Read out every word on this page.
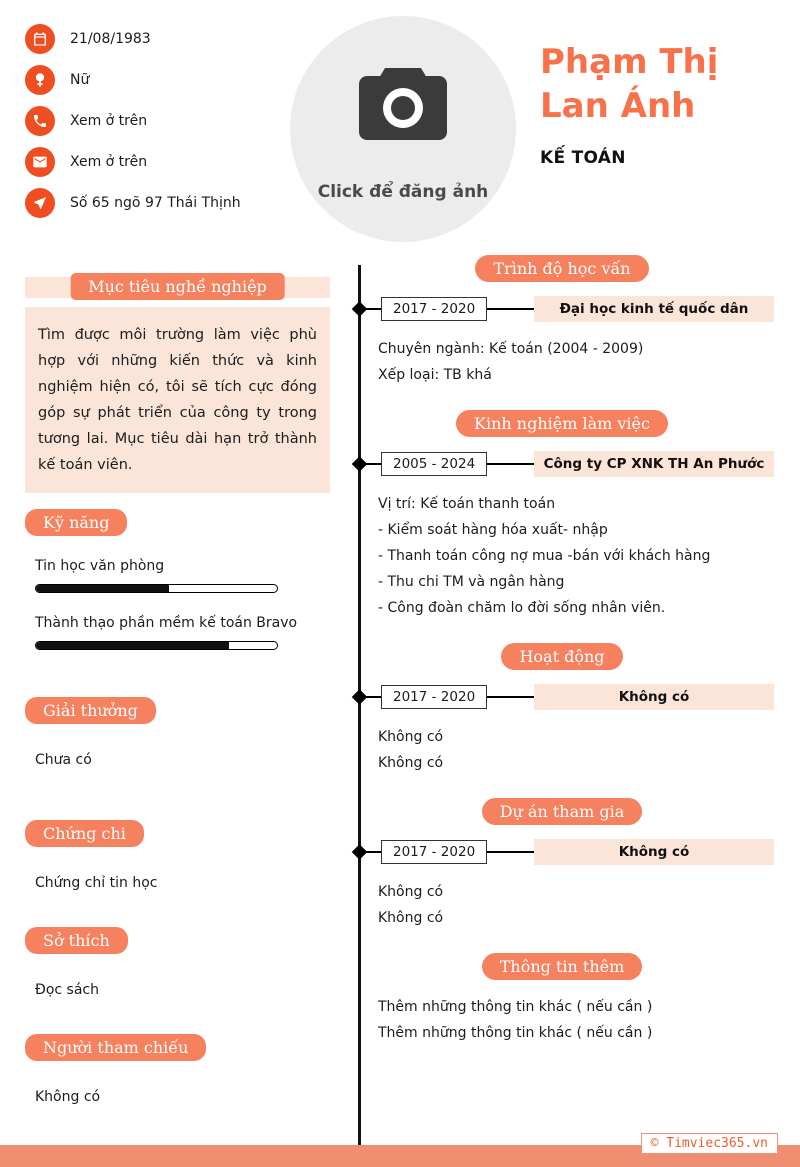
21/08/1983
Nữ
Xem ở trên
Xem ở trên
Số 65 ngõ 97 Thái Thịnh
Click để đăng ảnh
Phạm Thị Lan Ánh
KẾ TOÁN
Mục tiêu nghề nghiệp
Tìm được môi trường làm việc phù hợp với những kiến thức và kinh nghiệm hiện có, tôi sẽ tích cực đóng góp sự phát triển của công ty trong tương lai. Mục tiêu dài hạn trở thành kế toán viên.
Kỹ năng
Tin học văn phòng
Thành thạo phần mềm kế toán Bravo
Giải thưởng
Chưa có
Chứng chi
Chứng chỉ tin học
Sở thích
Đọc sách
Người tham chiếu
Không có
Trình độ học vấn
2017 - 2020	Đại học kinh tế quốc dân
Chuyên ngành: Kế toán (2004 - 2009)
Xếp loại: TB khá
Kinh nghiệm làm việc
2005 - 2024	Công ty CP XNK TH An Phước
Vị trí: Kế toán thanh toán
- Kiểm soát hàng hóa xuất- nhập
- Thanh toán công nợ mua -bán với khách hàng
- Thu chi TM và ngân hàng
- Công đoàn chăm lo đời sống nhân viên.
Hoạt động
2017 - 2020	Không có
Không có
Không có
Dự án tham gia
2017 - 2020	Không có
Không có
Không có
Thông tin thêm
Thêm những thông tin khác ( nếu cần )
Thêm những thông tin khác ( nếu cần )
© Timviec365.vn
